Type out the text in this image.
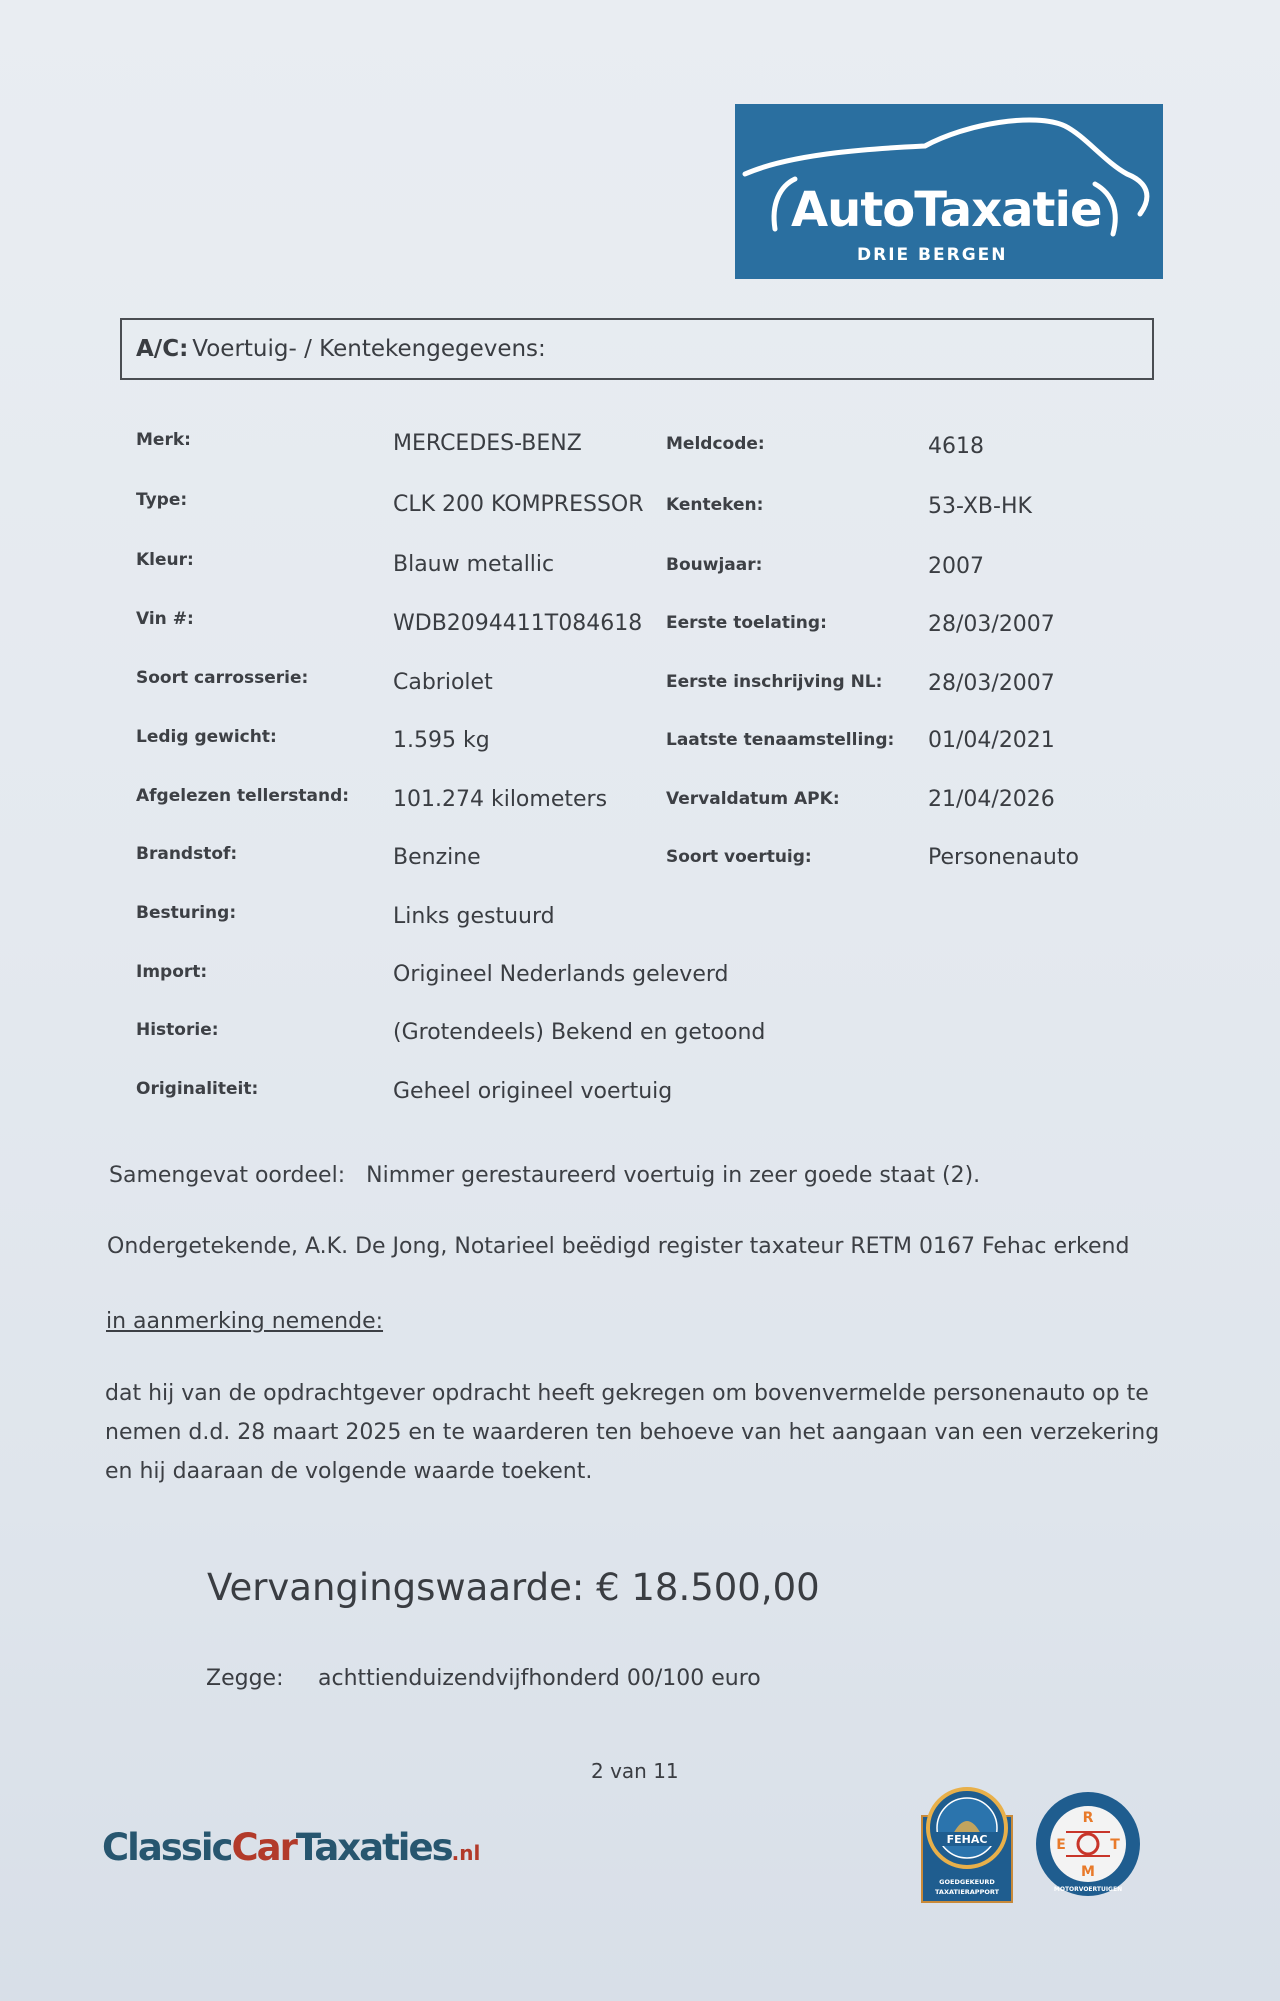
AutoTaxatie
DRIE BERGEN
A/C: Voertuig- / Kentekengegevens:
Merk:	MERCEDES-BENZ	Meldcode:	4618
Type:	CLK 200 KOMPRESSOR Kenteken:	53-XB-HK
Kleur:	Blauw metallic	Bouwjaar:	2007
Vin #:	WDB2094411T084618 Eerste toelating:	28/03/2007
Soort carrosserie:	Cabriolet	Eerste inschrijving NL: 28/03/2007
Ledig gewicht:	1.595 kg	Laatste tenaamstelling: 01/04/2021
Afgelezen tellerstand: 101.274 kilometers	Vervaldatum APK:	21/04/2026
Brandstof:	Benzine	Soort voertuig:	Personenauto
Besturing:	Links gestuurd
Import:	Origineel Nederlands geleverd
Historie:	(Grotendeels) Bekend en getoond
Originaliteit:	Geheel origineel voertuig
Samengevat oordeel: Nimmer gerestaureerd voertuig in zeer goede staat (2).
Ondergetekende, A.K. De Jong, Notarieel beëdigd register taxateur RETM 0167 Fehac erkend
in aanmerking nemende:
dat hij van de opdrachtgever opdracht heeft gekregen om bovenvermelde personenauto op te nemen d.d. 28 maart 2025 en te waarderen ten behoeve van het aangaan van een verzekering en hij daaraan de volgende waarde toekent.
Vervangingswaarde: € 18.500,00
Zegge: achttienduizendvijfhonderd 00/100 euro
2 van 11
ClassicCarTaxaties.nl
FEHAC
GOEDGEKEURD
TAXATIERAPPORT
R
E	T
M
MOTORVOERTUIGEN
